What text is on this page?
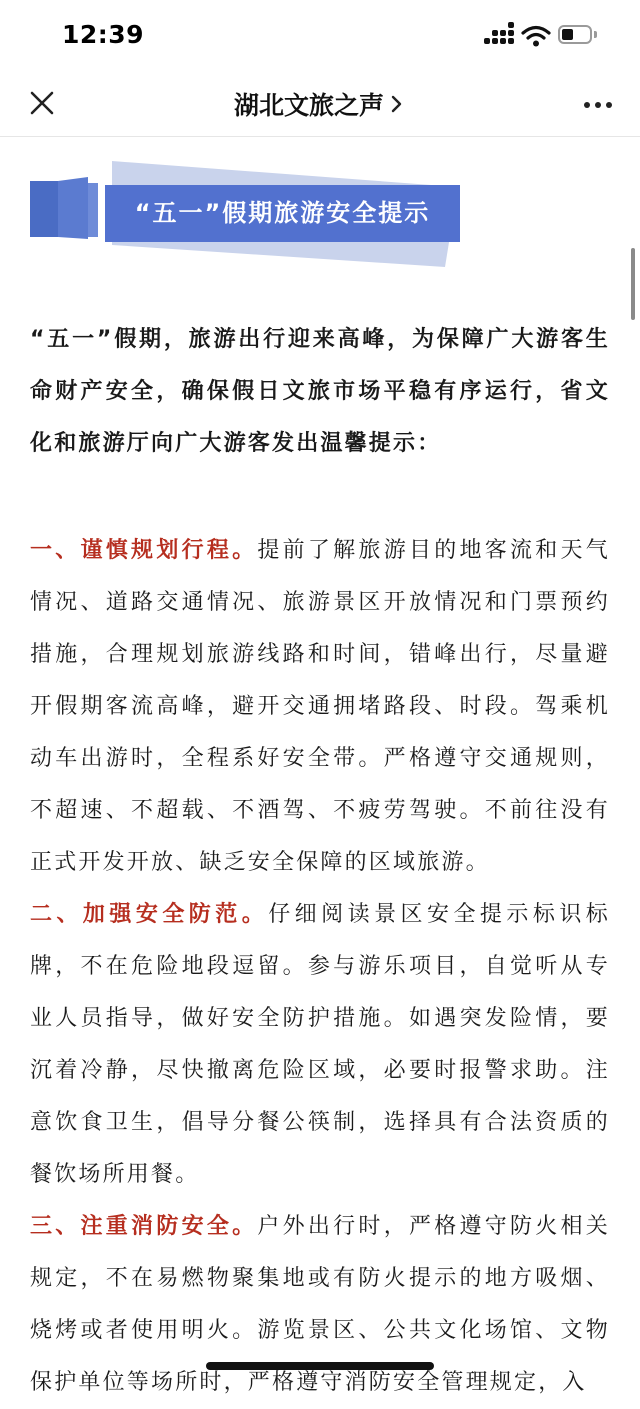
12:39
湖北文旅之声
“五一”假期旅游安全提示

“五一”假期，旅游出行迎来高峰，为保障广大游客生命财产安全，确保假日文旅市场平稳有序运行，省文化和旅游厅向广大游客发出温馨提示：

一、谨慎规划行程。提前了解旅游目的地客流和天气情况、道路交通情况、旅游景区开放情况和门票预约措施，合理规划旅游线路和时间，错峰出行，尽量避开假期客流高峰，避开交通拥堵路段、时段。驾乘机动车出游时，全程系好安全带。严格遵守交通规则，不超速、不超载、不酒驾、不疲劳驾驶。不前往没有正式开发开放、缺乏安全保障的区域旅游。

二、加强安全防范。仔细阅读景区安全提示标识标牌，不在危险地段逗留。参与游乐项目，自觉听从专业人员指导，做好安全防护措施。如遇突发险情，要沉着冷静，尽快撤离危险区域，必要时报警求助。注意饮食卫生，倡导分餐公筷制，选择具有合法资质的餐饮场所用餐。

三、注重消防安全。户外出行时，严格遵守防火相关规定，不在易燃物聚集地或有防火提示的地方吸烟、烧烤或者使用明火。游览景区、公共文化场馆、文物保护单位等场所时，严格遵守消防安全管理规定，入
